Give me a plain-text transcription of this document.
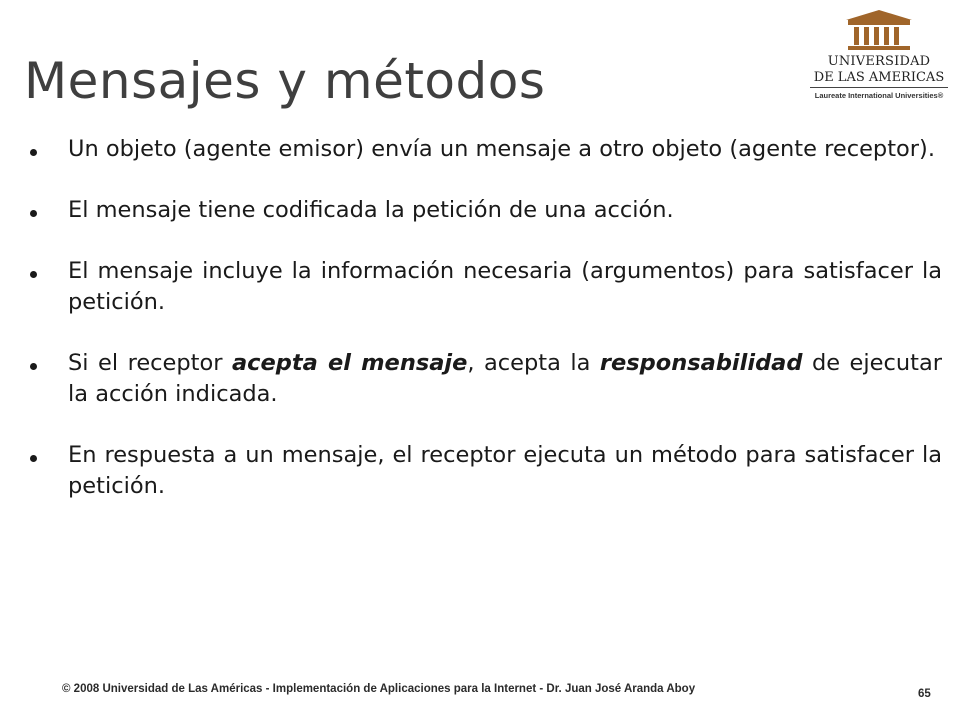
Mensajes y métodos	UNIVERSIDAD
DE LAS AMERICAS
Laureate International Universities®
Un objeto (agente emisor) envía un mensaje a otro objeto (agente receptor).
El mensaje tiene codificada la petición de una acción.
El mensaje incluye la información necesaria (argumentos) para satisfacer la petición.
Si el receptor acepta el mensaje, acepta la responsabilidad de ejecutar la acción indicada.
En respuesta a un mensaje, el receptor ejecuta un método para satisfacer la petición.
© 2008 Universidad de Las Américas - Implementación de Aplicaciones para la Internet - Dr. Juan José Aranda Aboy	65
